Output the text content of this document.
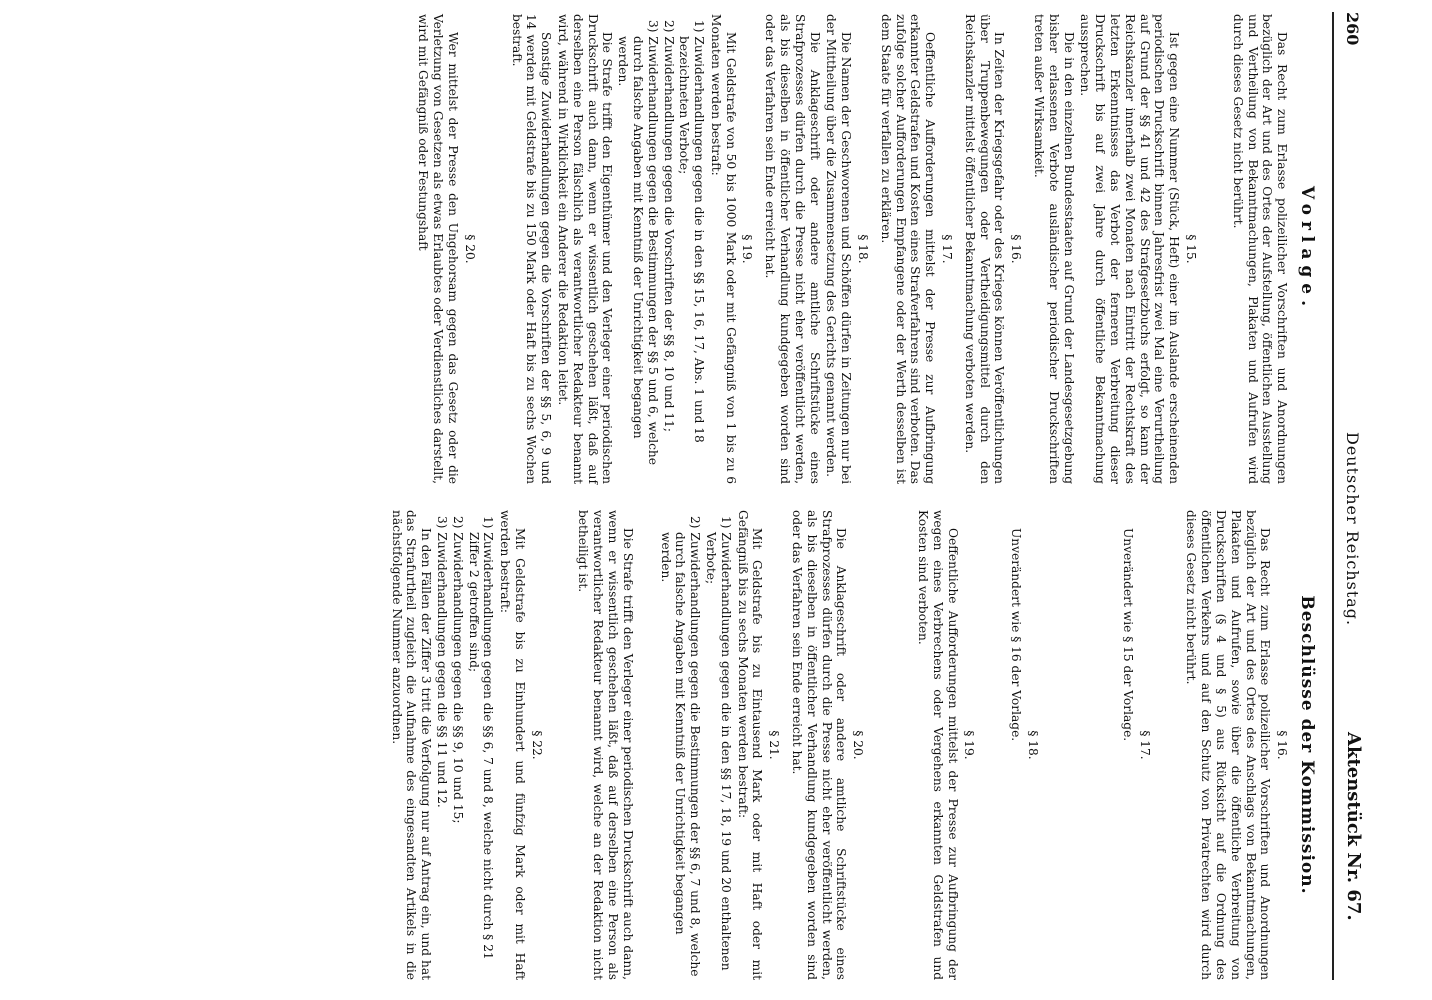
260
Deutscher Reichstag.
Aktenstück Nr. 67.
Vorlage.

Das Recht zum Erlasse polizeilicher Vorschriften und Anordnungen bezüglich der Art und des Ortes der Aufstellung, öffentlichen Ausstellung und Vertheilung von Bekanntmachungen, Plakaten und Aufrufen wird durch dieses Gesetz nicht berührt.

§ 15.

Ist gegen eine Nummer (Stück, Heft) einer im Auslande erscheinenden periodischen Druckschrift binnen Jahresfrist zwei Mal eine Verurtheilung auf Grund der §§ 41 und 42 des Strafgesetzbuchs erfolgt, so kann der Reichskanzler innerhalb zwei Monaten nach Eintritt der Rechtskraft des letzten Erkenntnisses das Verbot der ferneren Verbreitung dieser Druckschrift bis auf zwei Jahre durch öffentliche Bekanntmachung aussprechen.

Die in den einzelnen Bundesstaaten auf Grund der Landesgesetzgebung bisher erlassenen Verbote ausländischer periodischer Druckschriften treten außer Wirksamkeit.

§ 16.

In Zeiten der Kriegsgefahr oder des Krieges können Veröffentlichungen über Truppenbewegungen oder Vertheidigungsmittel durch den Reichskanzler mittelst öffentlicher Bekanntmachung verboten werden.

§ 17.

Oeffentliche Aufforderungen mittelst der Presse zur Aufbringung erkannter Geldstrafen und Kosten eines Strafverfahrens sind verboten. Das zufolge solcher Aufforderungen Empfangene oder der Werth desselben ist dem Staate für verfallen zu erklären.

§ 18.

Die Namen der Geschworenen und Schöffen dürfen in Zeitungen nur bei der Mittheilung über die Zusammensetzung des Gerichts genannt werden.

Die Anklageschrift oder andere amtliche Schriftstücke eines Strafprozesses dürfen durch die Presse nicht eher veröffentlicht werden, als bis dieselben in öffentlicher Verhandlung kundgegeben worden sind oder das Verfahren sein Ende erreicht hat.

§ 19.

Mit Geldstrafe von 50 bis 1000 Mark oder mit Gefängniß von 1 bis zu 6 Monaten werden bestraft:

1) Zuwiderhandlungen gegen die in den §§ 15, 16, 17, Abs. 1 und 18 bezeichneten Verbote;
2) Zuwiderhandlungen gegen die Vorschriften der §§ 8, 10 und 11;
3) Zuwiderhandlungen gegen die Bestimmungen der §§ 5 und 6, welche durch falsche Angaben mit Kenntniß der Unrichtigkeit begangen werden.

Die Strafe trifft den Eigenthümer und den Verleger einer periodischen Druckschrift auch dann, wenn er wissentlich geschehen läßt, daß auf derselben eine Person fälschlich als verantwortlicher Redakteur benannt wird, während in Wirklichkeit ein Anderer die Redaktion leitet.

Sonstige Zuwiderhandlungen gegen die Vorschriften der §§ 5, 6, 9 und 14 werden mit Geldstrafe bis zu 150 Mark oder Haft bis zu sechs Wochen bestraft.

§ 20.

Wer mittelst der Presse den Ungehorsam gegen das Gesetz oder die Verletzung von Gesetzen als etwas Erlaubtes oder Verdienstliches darstellt, wird mit Gefängniß oder Festungshaft

Beschlüsse der Kommission.
§ 16.

Das Recht zum Erlasse polizeilicher Vorschriften und Anordnungen bezüglich der Art und des Ortes des Anschlags von Bekanntmachungen, Plakaten und Aufrufen, sowie über die öffentliche Verbreitung von Druckschriften (§ 4 und § 5) aus Rücksicht auf die Ordnung des öffentlichen Verkehrs und auf den Schutz von Privatrechten wird durch dieses Gesetz nicht berührt.

§ 17.

Unverändert wie § 15 der Vorlage.

§ 18.

Unverändert wie § 16 der Vorlage.

§ 19.

Oeffentliche Aufforderungen mittelst der Presse zur Aufbringung der wegen eines Verbrechens oder Vergehens erkannten Geldstrafen und Kosten sind verboten.

§ 20.

Die Anklageschrift oder andere amtliche Schriftstücke eines Strafprozesses dürfen durch die Presse nicht eher veröffentlicht werden, als bis dieselben in öffentlicher Verhandlung kundgegeben worden sind oder das Verfahren sein Ende erreicht hat.

§ 21.

Mit Geldstrafe bis zu Eintausend Mark oder mit Haft oder mit Gefängniß bis zu sechs Monaten werden bestraft:

1) Zuwiderhandlungen gegen die in den §§ 17, 18, 19 und 20 enthaltenen Verbote;
2) Zuwiderhandlungen gegen die Bestimmungen der §§ 6, 7 und 8, welche durch falsche Angaben mit Kenntniß der Unrichtigkeit begangen werden.

Die Strafe trifft den Verleger einer periodischen Druckschrift auch dann, wenn er wissentlich geschehen läßt, daß auf derselben eine Person als verantwortlicher Redakteur benannt wird, welche an der Redaktion nicht betheiligt ist.

§ 22.

Mit Geldstrafe bis zu Einhundert und fünfzig Mark oder mit Haft werden bestraft:

1) Zuwiderhandlungen gegen die §§ 6, 7 und 8, welche nicht durch § 21 Ziffer 2 getroffen sind;
2) Zuwiderhandlungen gegen die §§ 9, 10 und 15;
3) Zuwiderhandlungen gegen die §§ 11 und 12.

In den Fällen der Ziffer 3 tritt die Verfolgung nur auf Antrag ein, und hat das Strafurtheil zugleich die Aufnahme des eingesandten Artikels in die nächstfolgende Nummer anzuordnen.
